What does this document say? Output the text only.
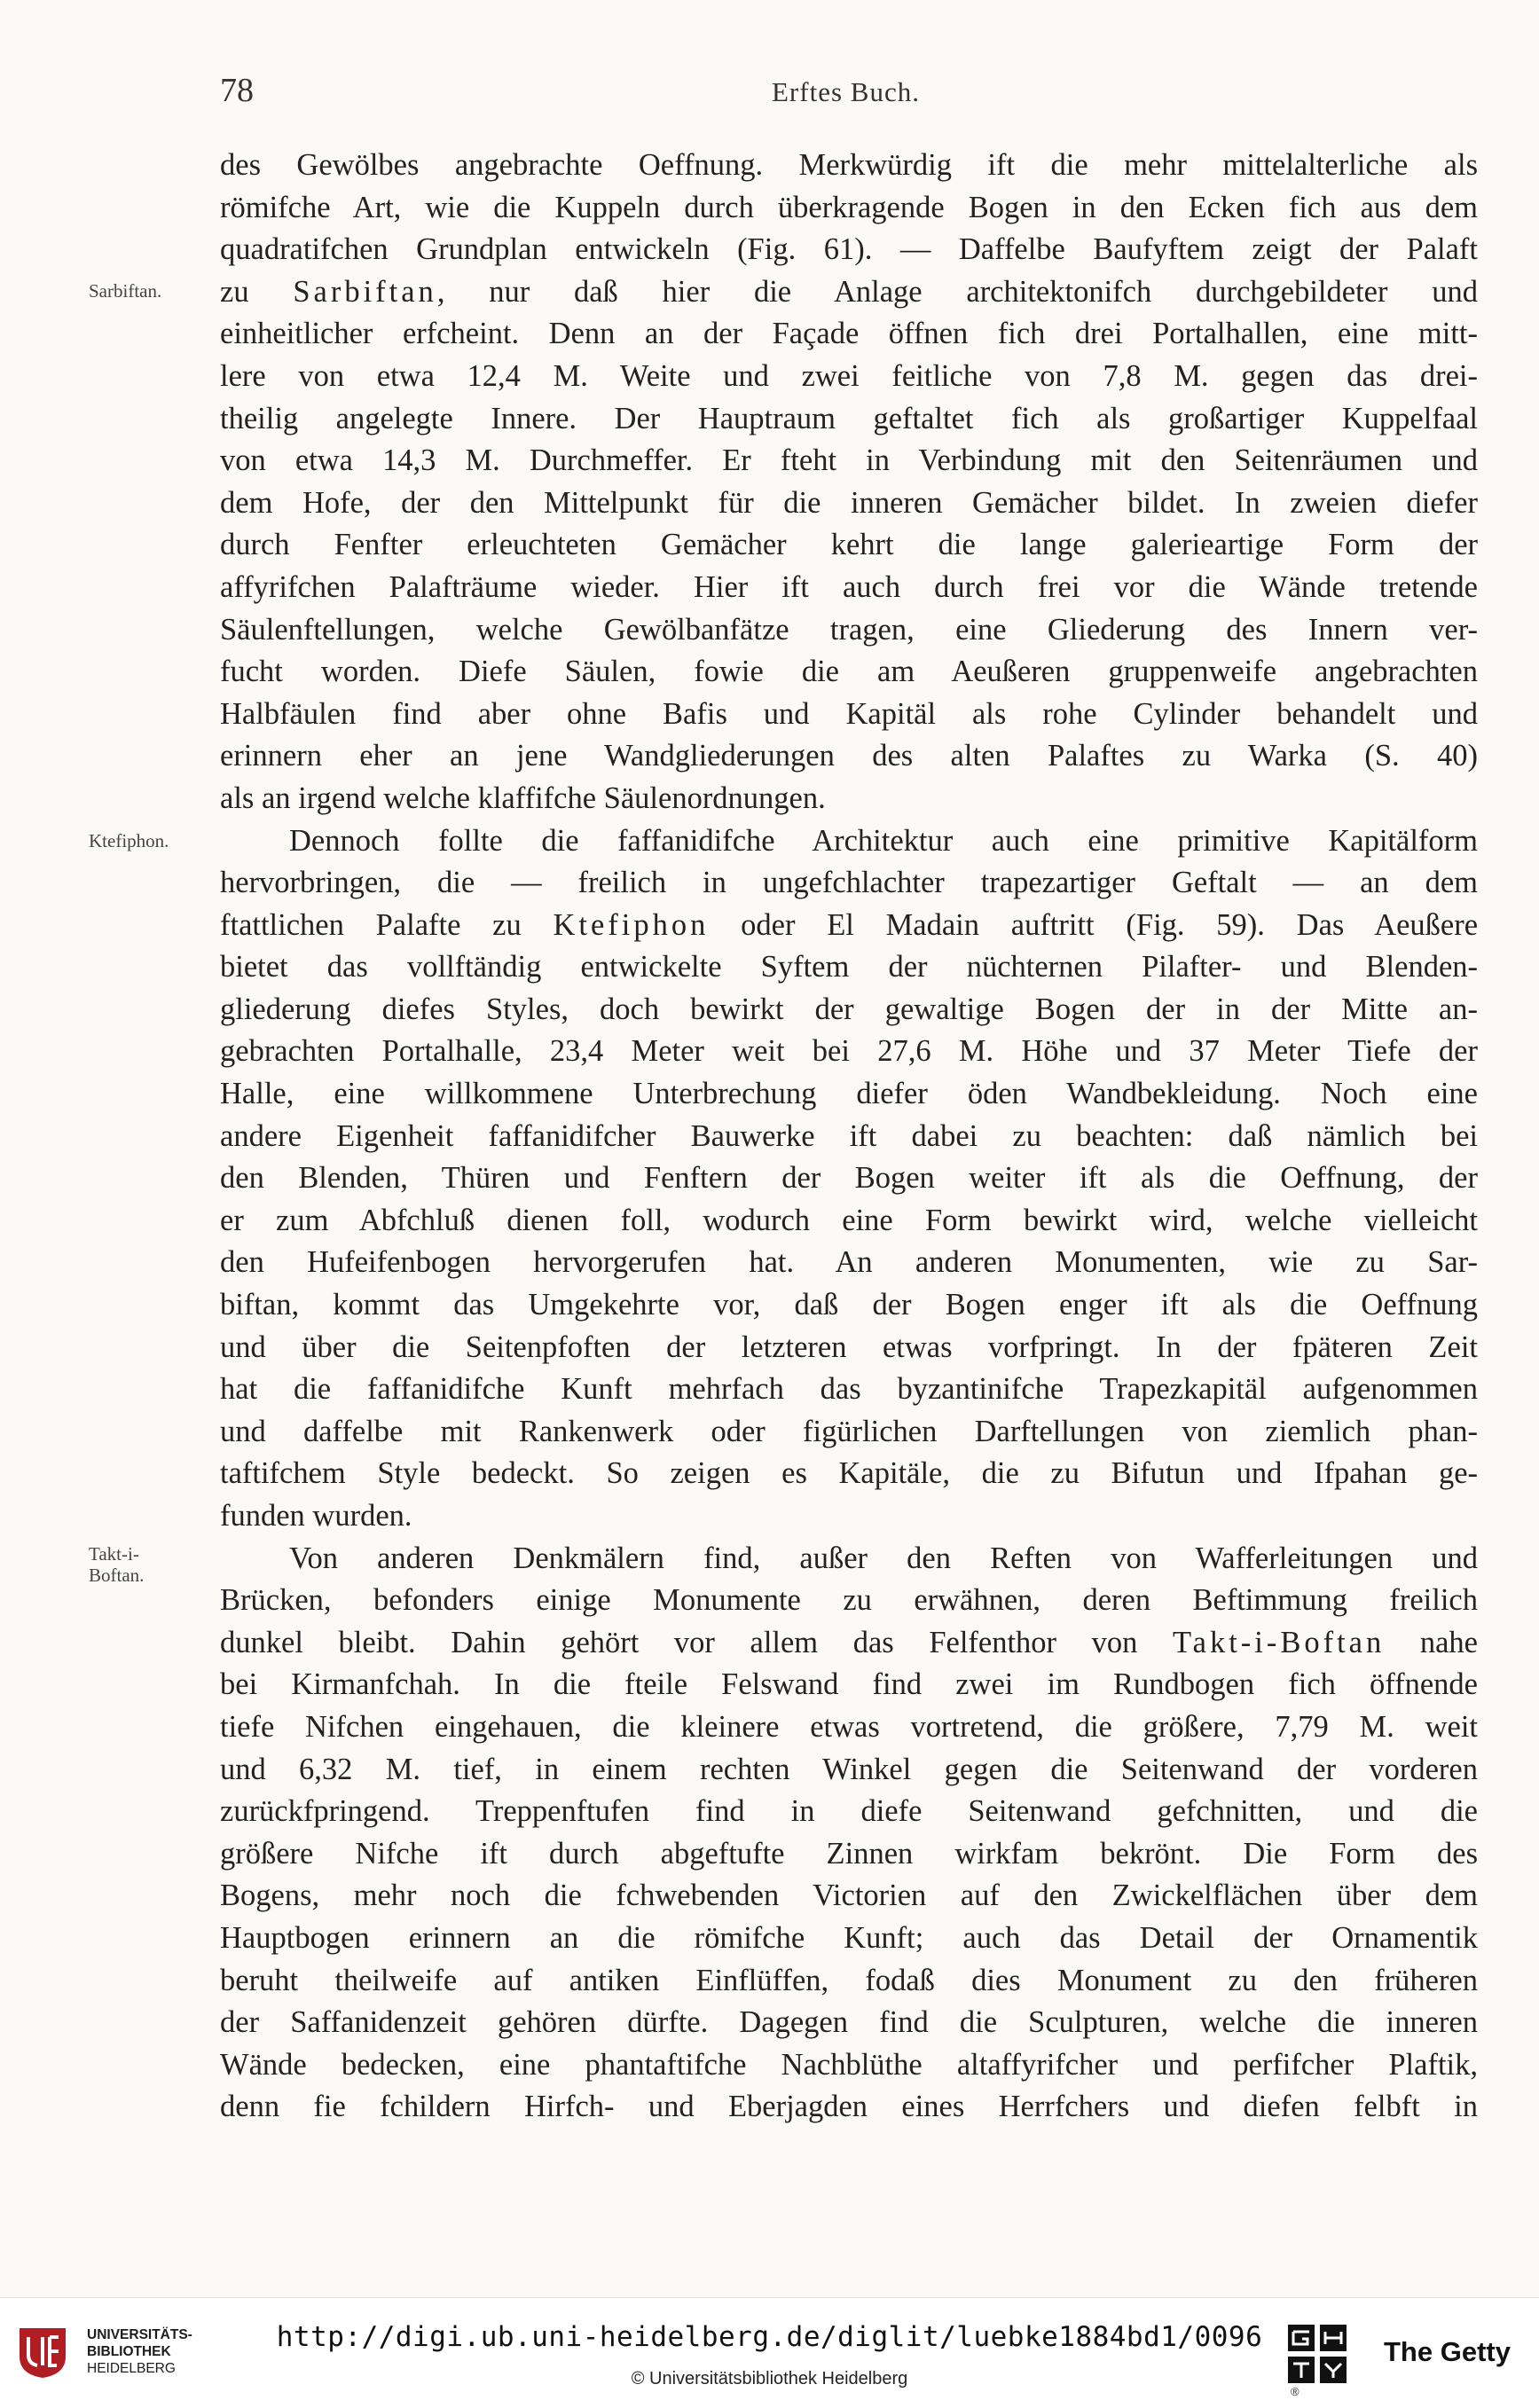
78	Erftes Buch.
Sarbiftan.
Ktefiphon.
Takt-i-
Boftan.
des Gewölbes angebrachte Oeffnung. Merkwürdig ift die mehr mittelalterliche als
römifche Art, wie die Kuppeln durch überkragende Bogen in den Ecken fich aus dem
quadratifchen Grundplan entwickeln (Fig. 61). — Daffelbe Baufyftem zeigt der Palaft
zu Sarbiftan, nur daß hier die Anlage architektonifch durchgebildeter und
einheitlicher erfcheint. Denn an der Façade öffnen fich drei Portalhallen, eine mitt-
lere von etwa 12,4 M. Weite und zwei feitliche von 7,8 M. gegen das drei-
theilig angelegte Innere. Der Hauptraum geftaltet fich als großartiger Kuppelfaal
von etwa 14,3 M. Durchmeffer. Er fteht in Verbindung mit den Seitenräumen und
dem Hofe, der den Mittelpunkt für die inneren Gemächer bildet. In zweien diefer
durch Fenfter erleuchteten Gemächer kehrt die lange galerieartige Form der
affyrifchen Palafträume wieder. Hier ift auch durch frei vor die Wände tretende
Säulenftellungen, welche Gewölbanfätze tragen, eine Gliederung des Innern ver-
fucht worden. Diefe Säulen, fowie die am Aeußeren gruppenweife angebrachten
Halbfäulen find aber ohne Bafis und Kapitäl als rohe Cylinder behandelt und
erinnern eher an jene Wandgliederungen des alten Palaftes zu Warka (S. 40)
als an irgend welche klaffifche Säulenordnungen.
Dennoch follte die faffanidifche Architektur auch eine primitive Kapitälform
hervorbringen, die — freilich in ungefchlachter trapezartiger Geftalt — an dem
ftattlichen Palafte zu Ktefiphon oder El Madain auftritt (Fig. 59). Das Aeußere
bietet das vollftändig entwickelte Syftem der nüchternen Pilafter- und Blenden-
gliederung diefes Styles, doch bewirkt der gewaltige Bogen der in der Mitte an-
gebrachten Portalhalle, 23,4 Meter weit bei 27,6 M. Höhe und 37 Meter Tiefe der
Halle, eine willkommene Unterbrechung diefer öden Wandbekleidung. Noch eine
andere Eigenheit faffanidifcher Bauwerke ift dabei zu beachten: daß nämlich bei
den Blenden, Thüren und Fenftern der Bogen weiter ift als die Oeffnung, der
er zum Abfchluß dienen foll, wodurch eine Form bewirkt wird, welche vielleicht
den Hufeifenbogen hervorgerufen hat. An anderen Monumenten, wie zu Sar-
biftan, kommt das Umgekehrte vor, daß der Bogen enger ift als die Oeffnung
und über die Seitenpfoften der letzteren etwas vorfpringt. In der fpäteren Zeit
hat die faffanidifche Kunft mehrfach das byzantinifche Trapezkapitäl aufgenommen
und daffelbe mit Rankenwerk oder figürlichen Darftellungen von ziemlich phan-
taftifchem Style bedeckt. So zeigen es Kapitäle, die zu Bifutun und Ifpahan ge-
funden wurden.
Von anderen Denkmälern find, außer den Reften von Wafferleitungen und
Brücken, befonders einige Monumente zu erwähnen, deren Beftimmung freilich
dunkel bleibt. Dahin gehört vor allem das Felfenthor von Takt-i-Boftan nahe
bei Kirmanfchah. In die fteile Felswand find zwei im Rundbogen fich öffnende
tiefe Nifchen eingehauen, die kleinere etwas vortretend, die größere, 7,79 M. weit
und 6,32 M. tief, in einem rechten Winkel gegen die Seitenwand der vorderen
zurückfpringend. Treppenftufen find in diefe Seitenwand gefchnitten, und die
größere Nifche ift durch abgeftufte Zinnen wirkfam bekrönt. Die Form des
Bogens, mehr noch die fchwebenden Victorien auf den Zwickelflächen über dem
Hauptbogen erinnern an die römifche Kunft; auch das Detail der Ornamentik
beruht theilweife auf antiken Einflüffen, fodaß dies Monument zu den früheren
der Saffanidenzeit gehören dürfte. Dagegen find die Sculpturen, welche die inneren
Wände bedecken, eine phantaftifche Nachblüthe altaffyrifcher und perfifcher Plaftik,
denn fie fchildern Hirfch- und Eberjagden eines Herrfchers und diefen felbft in
UNIVERSITÄTS-
BIBLIOTHEK
HEIDELBERG
http://digi.ub.uni-heidelberg.de/diglit/luebke1884bd1/0096
© Universitätsbibliothek Heidelberg
®
The Getty
